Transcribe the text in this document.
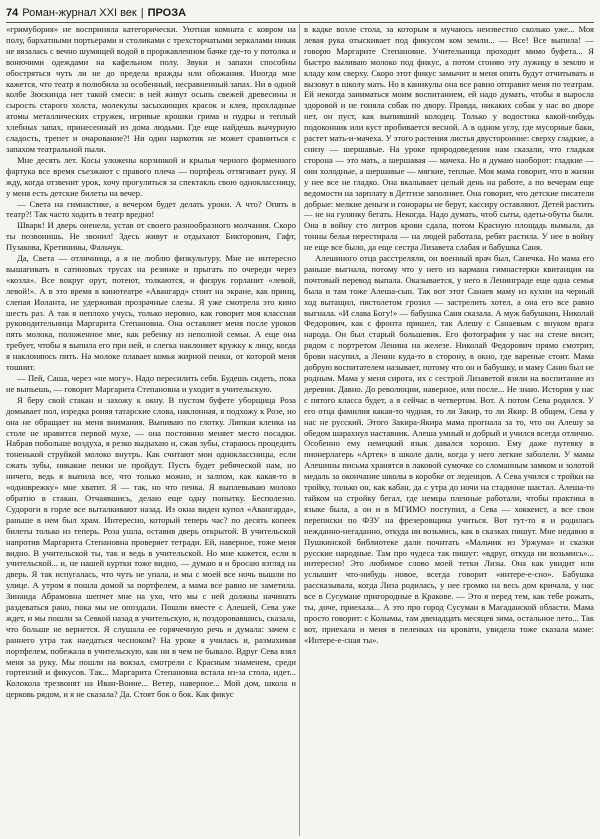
74 Роман-журнал XXI век | ПРОЗА

«гримубория» не восприняла категорически. Уютная комната с ковром на полу, бархатными портьерами и столиками с трехсторчатыми зеркалами никак не вязалась с вечно шумящей водой в проржавленном бачке где-то у потолка и вонючими одеждами на кафельном полу. Звуки и запахи способны обостряться чуть ли не до предела вражды или обожания. Иногда мне кажется, что театр я полюбила за особенный, несравненный запах. Ни в одной колбе Зюскинда нет такой смеси: в ней живут осыпь свежей древесины и сырость старого холста, молекулы засыхающих красок и клея, прохладные атомы металлических стружек, игривые крошки грима и пудры и теплый хлебных запах, принесенный из дома людьми. Где еще найдешь вычурную сладость, трепет и очарование?! Ни один наркотик не может сравниться с запахом театральной пыли.

Мне десять лет. Косы уложены корзинкой и крылья черного форменного фартука все время съезжают с правого плеча — портфель оттягивает руку. Я жду, когда отзвенит урок, хочу прогуляться за спектакль свою одноклассницу, у меня есть детские билеты на вечер.

— Света на гимнастике, а вечером будет делать уроки. А что? Опять в театр?! Так часто ходить в театр вредно!

Шварк! И дверь оненела, устав от своего разнообразного молчания. Скоро ты позвонишь. Не звонил! Здесь живут и отдыхают Бикторович, Гафт, Пузакова, Кретинины, Фальчук.

Да, Света — отличница, а я не люблю физкультуру. Мне не интересно вышагивать в сатиновых трусах на резинке и прыгать по очереди через «козла». Все вокруг орут, потеют, толкаются, и физрук горланит «левой, левой!». А в это время в кинотеатре «Авангард» стоит на экране, как принц, слепая Иоланта, не удерживая прозрачные слезы. Я уже смотрела это кино шесть раз. А так я неплохо учусь, только неровно, как говорит моя классная руководительница Маргарита Степановна. Она оставляет меня после уроков пять молока, положенное мне, как ребенку из неполной семьи. А еще она требует, чтобы я выпила его при ней, и слегка наклоняет кружку к лицу, когда я наклоняюсь пить. На молоке плавает комья жирной пенки, от которой меня тошнит.

— Пей, Саша, через «не могу». Надо пересилить себя. Будешь сидеть, пока не выпьешь, — говорит Маргарита Степановна и уходит в учительскую.

Я беру свой стакан и захожу к окну. В пустом буфете уборщица Роза домывает пол, изредка роняя татарские слова, наклонная, я подхожу к Розе, но она не обращает на меня внимания. Выпиваю по глотку. Липкая кленка на столе не нравится первой мухе, — она постоянно меняет место посадки. Набрав побольше воздуха, я резко выдыхаю и, сжав зубы, стараюсь процедить тоненькой струйкой молоко внутрь. Как считают мои одноклассницы, если сжать зубы, никакие пенки не пройдут. Пусть будет ребяческой нам, но ничего, ведь я выпила все, что только можно, и залпом, как какая-то в «одноврежку» мне хватит. Я — так, но что пенка. Я выплевываю молоко обратно в стакан. Отчаявшись, делаю еще одну попытку. Бесполезно. Судороги в горле все выталкивают назад. Из окна виден купол «Авангарда», раньше в нем был храм. Интересно, который теперь час? по десять копеек билеты только из теперь. Роза ушла, оставив дверь открытой. В учительской напротив Маргарита Степановна проверяет тетради. Ей, наверное, тоже меня видно. В учительской ты, так и ведь в учительской. Но мне кажется, если в учительской... и, не нашей куртки тоже видно, — думаю я и бросаю взгляд на дверь. Я так испугалась, что чуть не упала, и мы с моей все ночь вышли по улице. А утром я пошла домой за портфелем, а мама все равно не заметила. Зинаида Абрамовна шепчет мне на ухо, что мы с ней должны начинать раздеваться рано, пока мы не опоздали. Пошли вместе с Алешей, Сева уже ждет, и мы пошли за Севкой назад в учительскую, и, поздоровавшись, сказала, что больше не вернется. Я слушала ее горячечную речь и думала: зачем с раннего утра так наедаться чесноком? На уроке я училась и, размахивая портфелем, побежала в учительскую, как ни в чем не бывало. Вдруг Сева взял меня за руку. Мы пошли на вокзал, смотрели с Красным знаменем, среди гортензий и фикусов. Так... Маргарита Степановна встала из-за стола, идет... Колокола трезвонят на Иван-Воине... Ветер, наверное... Мой дом, школа и церковь рядом, и я не сказала? Да. Стоят бок о бок. Как фикус

в кадке возле стола, за которым я мучаюсь неизвестно сколько уже... Моя левая рука отыскивает под фикусом ком земли... — Все! Все выпила! — говорю Маргарите Степановне. Учительница проходит мимо буфета... Я быстро выливаю молоко под фикус, а потом сгоняю эту лужицу в землю и кладу ком сверху. Скоро этот фикус замычит и меня опять будут отчитывать и вызовут в школу мать. Но в каникулы она все равно отправит меня по театрам. Ей некогда заниматься моим воспитанием, ей надо думать, чтобы я выросла здоровой и не гоняла собак по двору. Правда, никаких собак у нас во дворе нет, он пуст, как выпивший колодец. Только у водостока какой-нибудь подоконник или куст пробивается весной. А в одном углу, где мусорные баки, растет мать-и-мачеха. У этого растения листья двусторонние: сверху гладкие, а снизу — шершавые. На уроке природоведения нам сказали, что гладкая сторона — это мать, а шершавая — мачеха. Но я думаю наоборот: гладкие — они холодные, а шершавые — мягкие, теплые. Моя мама говорит, что в жизни у нее все не гладко. Она вкалывает целый день на работе, а по вечерам еще ведомости на зарплату в Детгизе заполняет. Она говорит, что детские писатели добрые: мелкие деньги и гонорары не берут, кассиру оставляют. Детей растить — не на гулянку бегать. Некогда. Надо думать, чтоб сыты, одеты-обуты были. Она в войну сто литров крови сдала, потом Красную площадь вымыла, да тонны белья перестирала — на людей работала, ребят растила. У нее в войну не еще все было, да еще сестра Лизавета слабая и бабушка Саня.

Алешиного отца расстреляли, он военный врач был, Санечка. Но мама его раньше выгнала, потому что у него из кармана гимнастерки квитанция на почтовый перевод выпала. Оказывается, у него в Ленинграде еще одна семья была и там тоже Алеша-сын. Так вот этот Санаев маму из кухни на черный ход вытащил, пистолетом грозил — застрелить хотел, а она его все равно выгнала. «И слава Богу!» — бабушка Саня сказала. А муж бабушкин, Николай Федорович, как с фронта пришел, так Алешу с Санаевым с внуком врага народа. Он был старый большевик. Его фотография у нас на стене висит, рядом с портретом Ленина на железе. Николай Федорович прямо смотрит, брови насупил, а Ленин куда-то в сторону, в окно, где вареные стоит. Мама добрую воспитателем называет, потому что он и бабушку, и маму Саню был не родным. Мама у меня сирота, их с сестрой Лизаветой взяли на воспитание из деревни. Давно. До революции, наверное, или после... Не знаю. История у нас с пятого класса будет, а я сейчас в четвертом. Вот. А потом Сева родился. У его отца фамилия какая-то чудная, то ли Закир, то ли Якир. В общем, Сева у нас не русский. Этого Закира-Якира мама прогнала за то, что он Алешу за обедом шарахнул наставник. Алеша умный и добрый и учился всегда отлично. Особенно ему немецкий язык давался хорошо. Ему даже путевку в пионерлагерь «Артек» в школе дали, когда у него легкие заболели. У мамы Алешины письма хранятся в лаковой сумочке со сломанным замком и золотой медаль за окончание школы в коробке от леденцов. А Сева учился с тройки на тройку, только он, как кабан, да с утра до ночи на стадионе шастал. Алеша-то тайком на стройку бегал, где немцы пленные работали, чтобы практика в языке была, а он и в МГИМО поступил, а Сева — хоккеист, а все свои переписки по ФЗУ на фрезеровщика учиться. Вот тут-то я и родилась нежданно-негаданно, откуда ни возьмись, как в сказках пишут. Мне недавно в Пушкинской библиотеке дали почитать «Мальчик из Уржума» и сказки русские народные. Там про чудеса так пишут: «вдруг, откуда ни возьмись»... интересно! Это любимое слово моей тетки Лизы. Она как увидит или услышит что-нибудь новое, всегда говорит «интере-е-сно». Бабушка рассказывала, когда Лиза родилась, у нее громко на весь дом кричала, у нас все в Сусумане пригородные в Кракове. — Это я перед тем, как тебе рожать, ты, доче, приехала... А это про город Сусуман в Магаданской области. Мама просто говорит: с Колымы, там двенадцать месяцев зима, остальное лето... Так вот, приехала и меня в пеленках на кровати, увидела тоже сказала маме: «Интере-е-сная ты».
